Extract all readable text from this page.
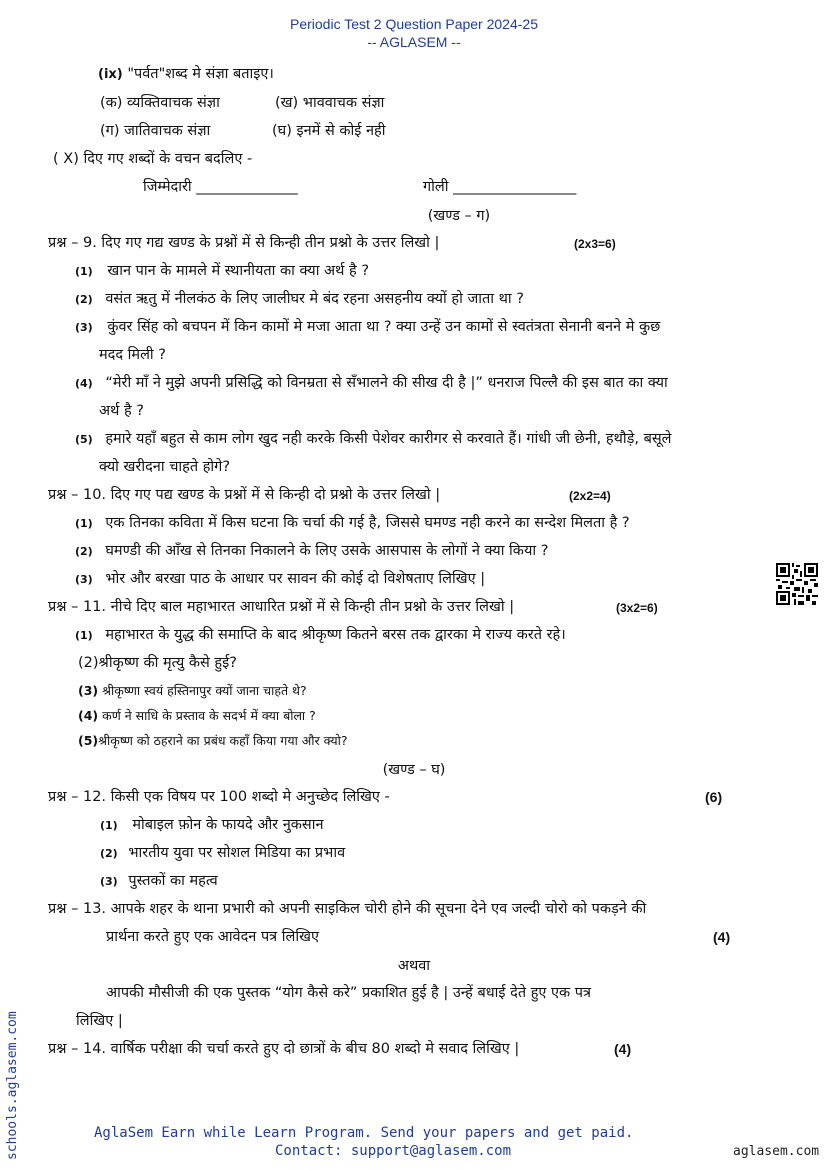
Periodic Test 2 Question Paper 2024-25
-- AGLASEM --
(ix) "पर्वत"शब्द मे संज्ञा बताइए।
(क) व्यक्तिवाचक संज्ञा	(ख) भाववाचक संज्ञा
(ग) जातिवाचक संज्ञा	(घ) इनमें से कोई नही
( X) दिए गए शब्दों के वचन बदलिए -
जिम्मेदारी ______________	गोली _________________
(खण्ड – ग)
प्रश्न – 9. दिए गए गद्य खण्ड के प्रश्नों में से किन्ही तीन प्रश्नो के उत्तर लिखो |	(2x3=6)
(1) खान पान के मामले में स्थानीयता का क्या अर्थ है ?
(2) वसंत ऋतु में नीलकंठ के लिए जालीघर मे बंद रहना असहनीय क्यों हो जाता था ?
(3) कुंवर सिंह को बचपन में किन कामों मे मजा आता था ? क्या उन्हें उन कामों से स्वतंत्रता सेनानी बनने मे कुछ
मदद मिली ?
(4) “मेरी माँ ने मुझे अपनी प्रसिद्धि को विनम्रता से सँभालने की सीख दी है |” धनराज पिल्लै की इस बात का क्या
अर्थ है ?
(5) हमारे यहाँ बहुत से काम लोग खुद नही करके किसी पेशेवर कारीगर से करवाते हैं। गांधी जी छेनी, हथौड़े, बसूले
क्यो खरीदना चाहते होगे?
प्रश्न – 10. दिए गए पद्य खण्ड के प्रश्नों में से किन्ही दो प्रश्नो के उत्तर लिखो |	(2x2=4)
(1) एक तिनका कविता में किस घटना कि चर्चा की गई है, जिससे घमण्ड नही करने का सन्देश मिलता है ?
(2) घमण्डी की आँख से तिनका निकालने के लिए उसके आसपास के लोगों ने क्या किया ?
(3) भोर और बरखा पाठ के आधार पर सावन की कोई दो विशेषताए लिखिए |
प्रश्न – 11. नीचे दिए बाल महाभारत आधारित प्रश्नों में से किन्ही तीन प्रश्नो के उत्तर लिखो |	(3x2=6)
(1) महाभारत के युद्ध की समाप्ति के बाद श्रीकृष्ण कितने बरस तक द्वारका मे राज्य करते रहे।
(2)श्रीकृष्ण की मृत्यु कैसे हुई?
(3) श्रीकृष्णा स्वयं हस्तिनापुर क्यों जाना चाहते थे?
(4) कर्ण ने साधि के प्रस्ताव के सदर्भ में क्या बोला ?
(5)श्रीकृष्ण को ठहराने का प्रबंध कहाँ किया गया और क्यो?
(खण्ड – घ)
प्रश्न – 12. किसी एक विषय पर 100 शब्दो मे अनुच्छेद लिखिए -	(6)
(1) मोबाइल फ़ोन के फायदे और नुकसान
(2) भारतीय युवा पर सोशल मिडिया का प्रभाव
(3) पुस्तकों का महत्व
प्रश्न – 13. आपके शहर के थाना प्रभारी को अपनी साइकिल चोरी होने की सूचना देने एव जल्दी चोरो को पकड़ने की
प्रार्थना करते हुए एक आवेदन पत्र लिखिए	(4)
अथवा
आपकी मौसीजी की एक पुस्तक “योग कैसे करे” प्रकाशित हुई है | उन्हें बधाई देते हुए एक पत्र
लिखिए |
प्रश्न – 14. वार्षिक परीक्षा की चर्चा करते हुए दो छात्रों के बीच 80 शब्दो मे सवाद लिखिए |	(4)
AglaSem Earn while Learn Program. Send your papers and get paid.
Contact: support@aglasem.com	aglasem.com
schools.aglasem.com
